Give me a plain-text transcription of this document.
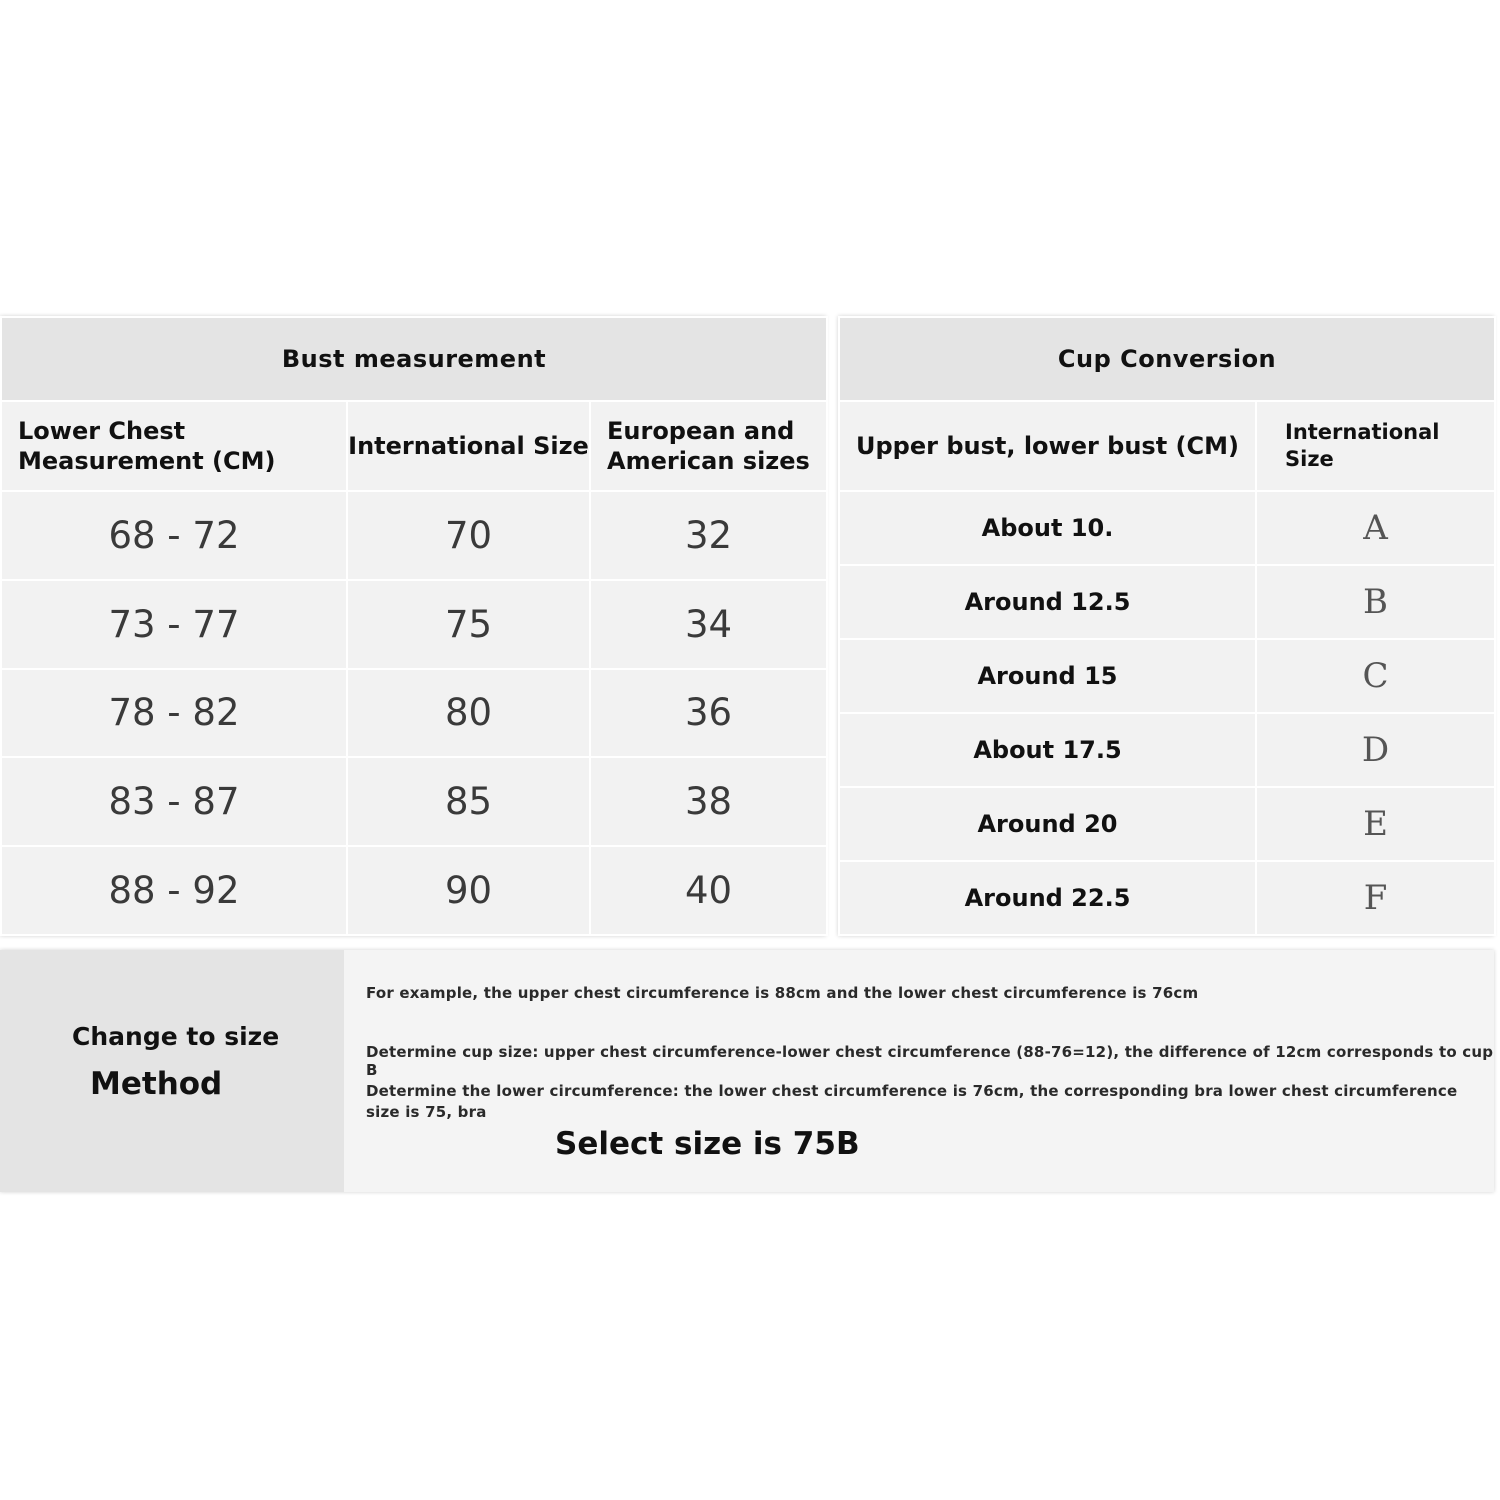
Bust measurement		
Lower Chest Measurement (CM)	International Size	European and American sizes
68 - 72	70	32
73 - 77	75	34
78 - 82	80	36
83 - 87	85	38
88 - 92	90	40
Cup Conversion	
Upper bust, lower bust (CM)	International Size
About 10.	A
Around 12.5	B
Around 15	C
About 17.5	D
Around 20	E
Around 22.5	F
Change to size
Method
For example, the upper chest circumference is 88cm and the lower chest circumference is 76cm
Determine cup size: upper chest circumference-lower chest circumference (88-76=12), the difference of 12cm corresponds to cup B
Determine the lower circumference: the lower chest circumference is 76cm, the corresponding bra lower chest circumference size is 75, bra
Select size is 75B
